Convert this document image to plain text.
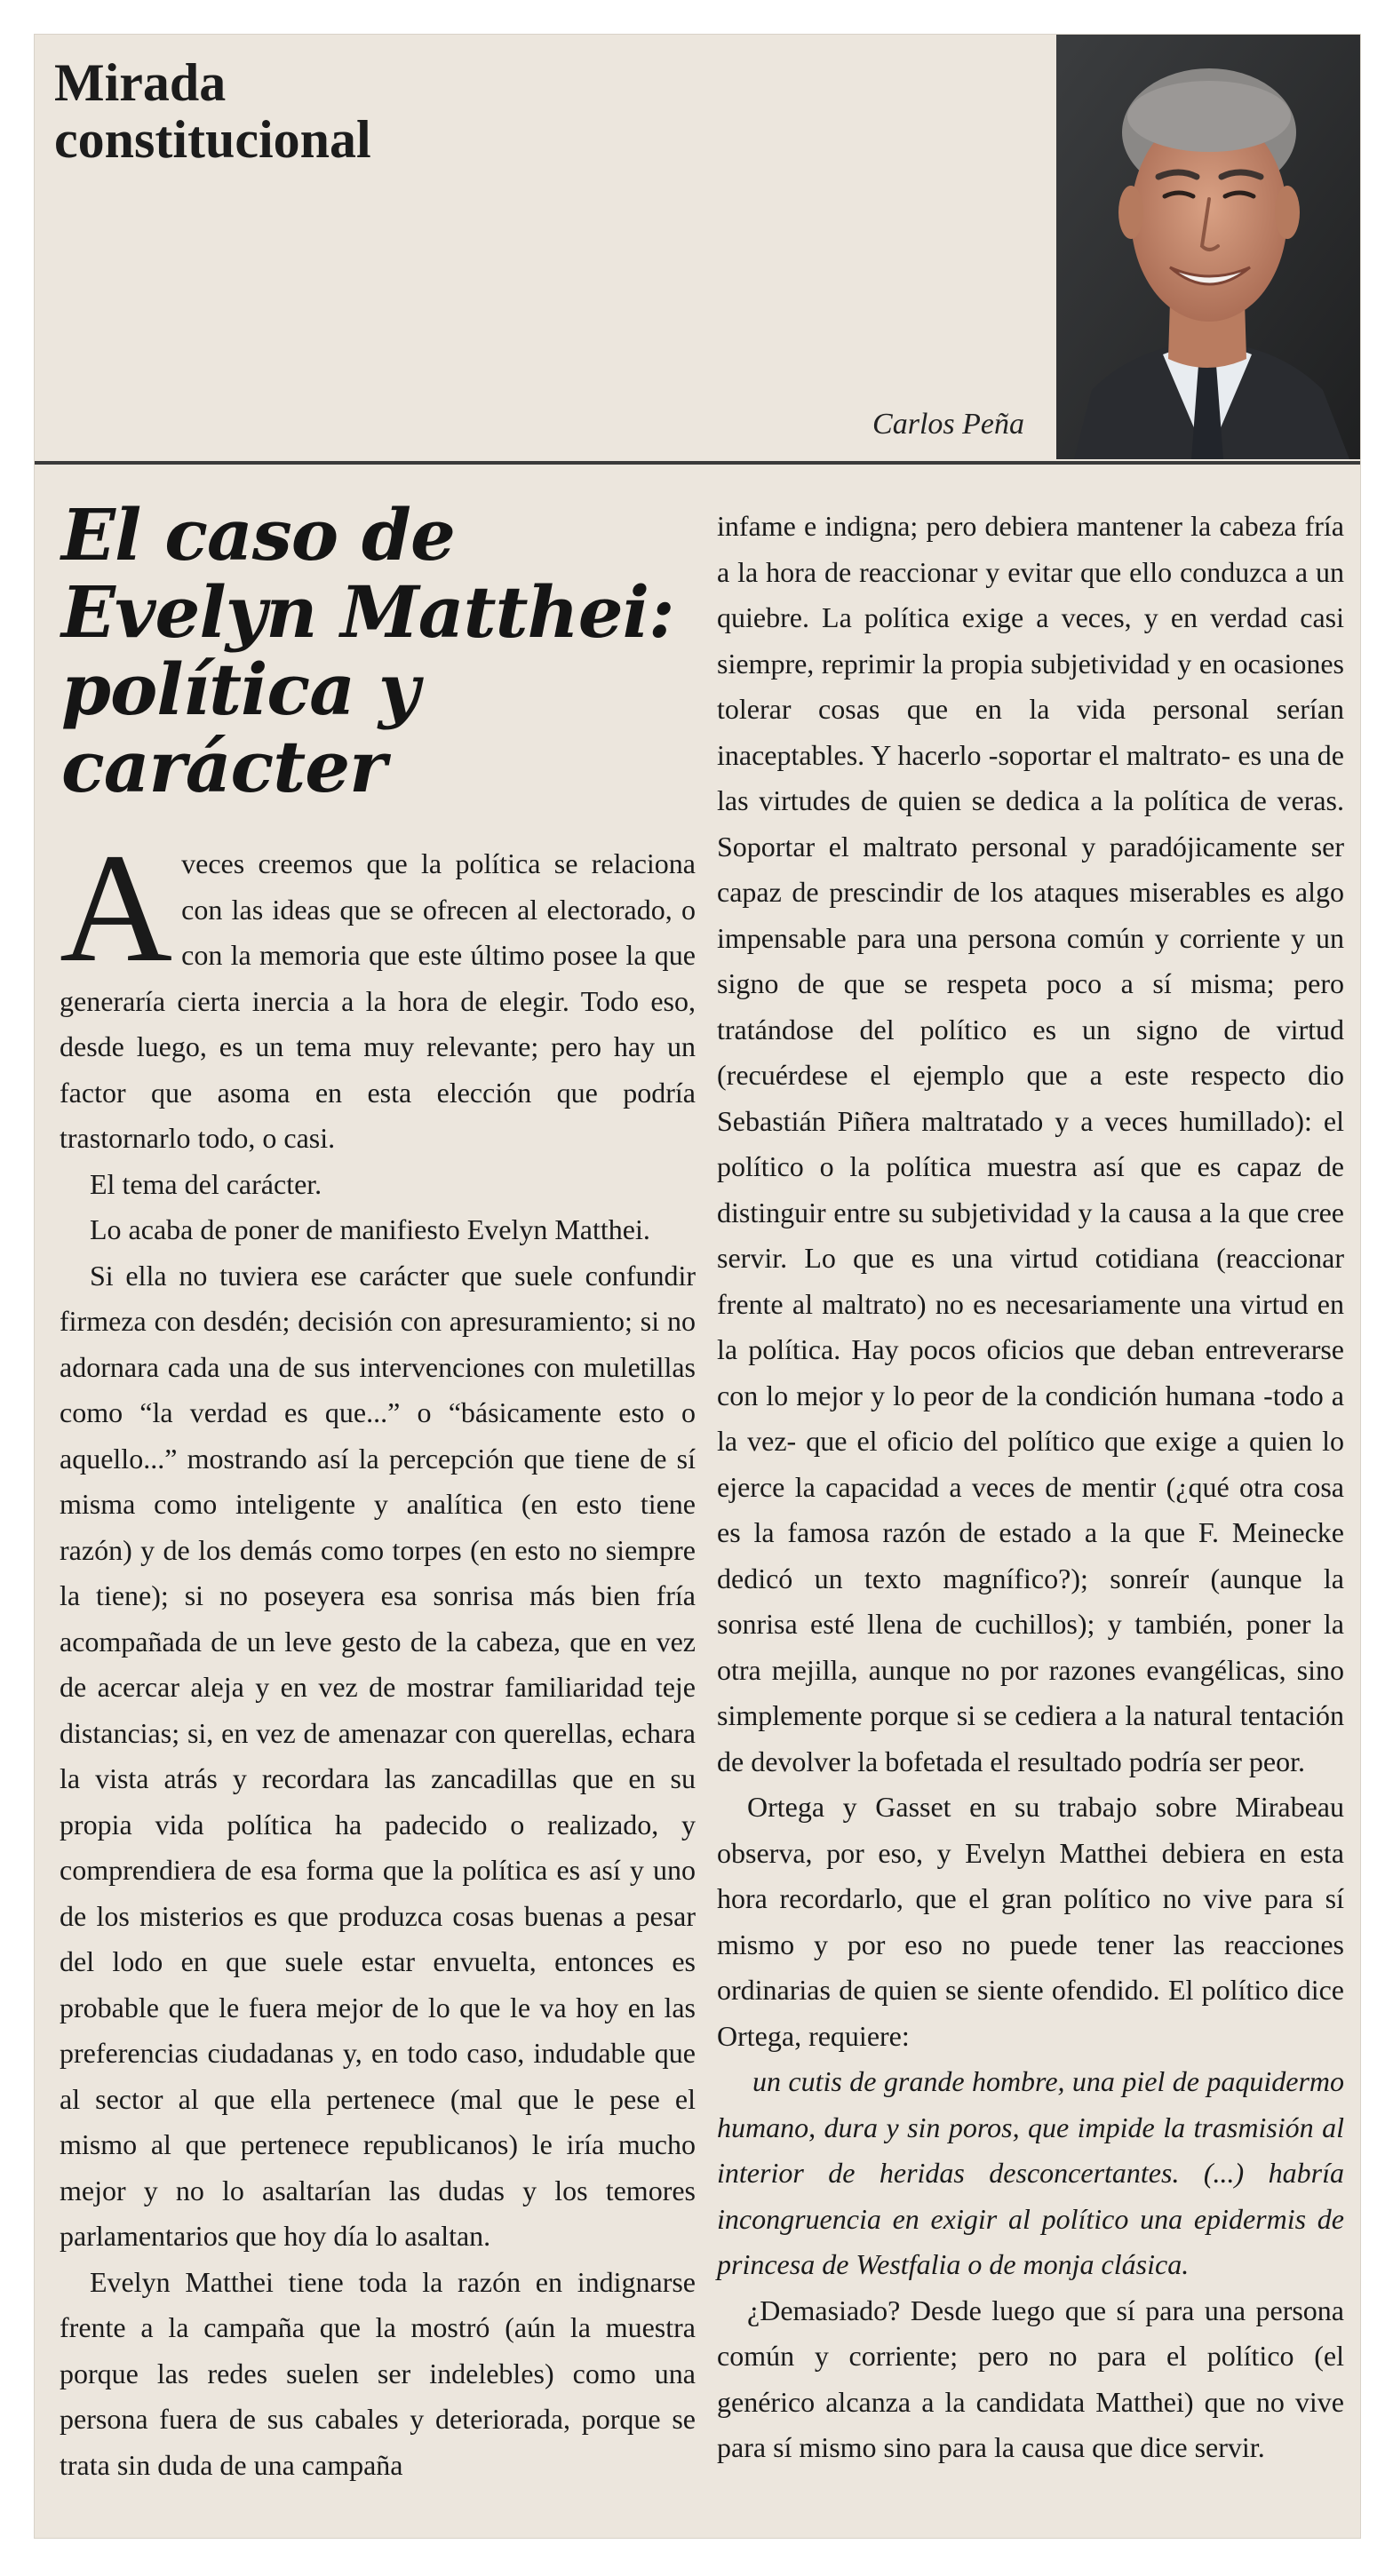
Mirada
constitucional
Carlos Peña
El caso de
Evelyn Matthei:
política y
carácter

Aveces creemos que la política se relaciona con las ideas que se ofrecen al electorado, o con la memoria que este último posee la que generaría cierta inercia a la hora de elegir. Todo eso, desde luego, es un tema muy relevante; pero hay un factor que asoma en esta elección que podría trastornarlo todo, o casi.

El tema del carácter.

Lo acaba de poner de manifiesto Evelyn Matthei.

Si ella no tuviera ese carácter que suele confundir firmeza con desdén; decisión con apresuramiento; si no adornara cada una de sus intervenciones con muletillas como “la verdad es que...” o “básicamente esto o aquello...” mostrando así la percepción que tiene de sí misma como inteligente y analítica (en esto tiene razón) y de los demás como torpes (en esto no siempre la tiene); si no poseyera esa sonrisa más bien fría acompañada de un leve gesto de la cabeza, que en vez de acercar aleja y en vez de mostrar familiaridad teje distancias; si, en vez de amenazar con querellas, echara la vista atrás y recordara las zancadillas que en su propia vida política ha padecido o realizado, y comprendiera de esa forma que la política es así y uno de los misterios es que produzca cosas buenas a pesar del lodo en que suele estar envuelta, entonces es probable que le fuera mejor de lo que le va hoy en las preferencias ciudadanas y, en todo caso, indudable que al sector al que ella pertenece (mal que le pese el mismo al que pertenece republicanos) le iría mucho mejor y no lo asaltarían las dudas y los temores parlamentarios que hoy día lo asaltan.

Evelyn Matthei tiene toda la razón en indignarse frente a la campaña que la mostró (aún la muestra porque las redes suelen ser indelebles) como una persona fuera de sus cabales y deteriorada, porque se trata sin duda de una campaña

infame e indigna; pero debiera mantener la cabeza fría a la hora de reaccionar y evitar que ello conduzca a un quiebre. La política exige a veces, y en verdad casi siempre, reprimir la propia subjetividad y en ocasiones tolerar cosas que en la vida personal serían inaceptables. Y hacerlo -soportar el maltrato- es una de las virtudes de quien se dedica a la política de veras. Soportar el maltrato personal y paradójicamente ser capaz de prescindir de los ataques miserables es algo impensable para una persona común y corriente y un signo de que se respeta poco a sí misma; pero tratándose del político es un signo de virtud (recuérdese el ejemplo que a este respecto dio Sebastián Piñera maltratado y a veces humillado): el político o la política muestra así que es capaz de distinguir entre su subjetividad y la causa a la que cree servir. Lo que es una virtud cotidiana (reaccionar frente al maltrato) no es necesariamente una virtud en la política. Hay pocos oficios que deban entreverarse con lo mejor y lo peor de la condición humana -todo a la vez- que el oficio del político que exige a quien lo ejerce la capacidad a veces de mentir (¿qué otra cosa es la famosa razón de estado a la que F. Meinecke dedicó un texto magnífico?); sonreír (aunque la sonrisa esté llena de cuchillos); y también, poner la otra mejilla, aunque no por razones evangélicas, sino simplemente porque si se cediera a la natural tentación de devolver la bofetada el resultado podría ser peor.

Ortega y Gasset en su trabajo sobre Mirabeau observa, por eso, y Evelyn Matthei debiera en esta hora recordarlo, que el gran político no vive para sí mismo y por eso no puede tener las reacciones ordinarias de quien se siente ofendido. El político dice Ortega, requiere:

un cutis de grande hombre, una piel de paquidermo humano, dura y sin poros, que impide la trasmisión al interior de heridas desconcertantes. (...) habría incongruencia en exigir al político una epidermis de princesa de Westfalia o de monja clásica.

¿Demasiado? Desde luego que sí para una persona común y corriente; pero no para el político (el genérico alcanza a la candidata Matthei) que no vive para sí mismo sino para la causa que dice servir.
